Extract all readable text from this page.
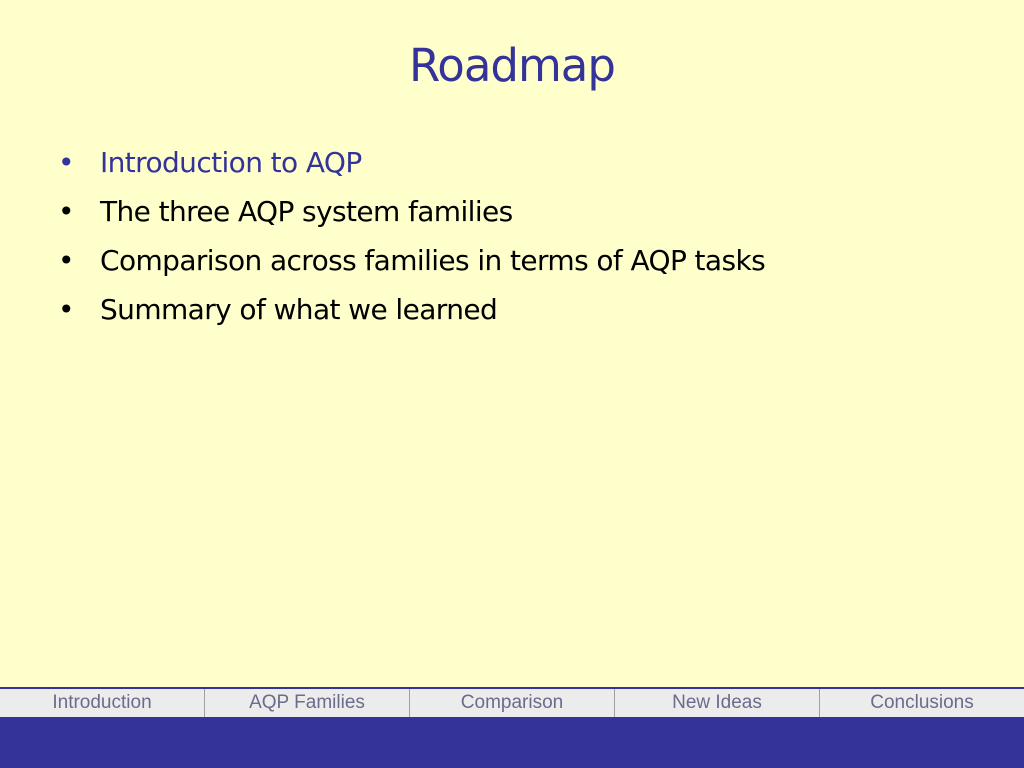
Roadmap
• Introduction to AQP
• The three AQP system families
• Comparison across families in terms of AQP tasks
• Summary of what we learned
Introduction	AQP Families	Comparison	New Ideas	Conclusions
